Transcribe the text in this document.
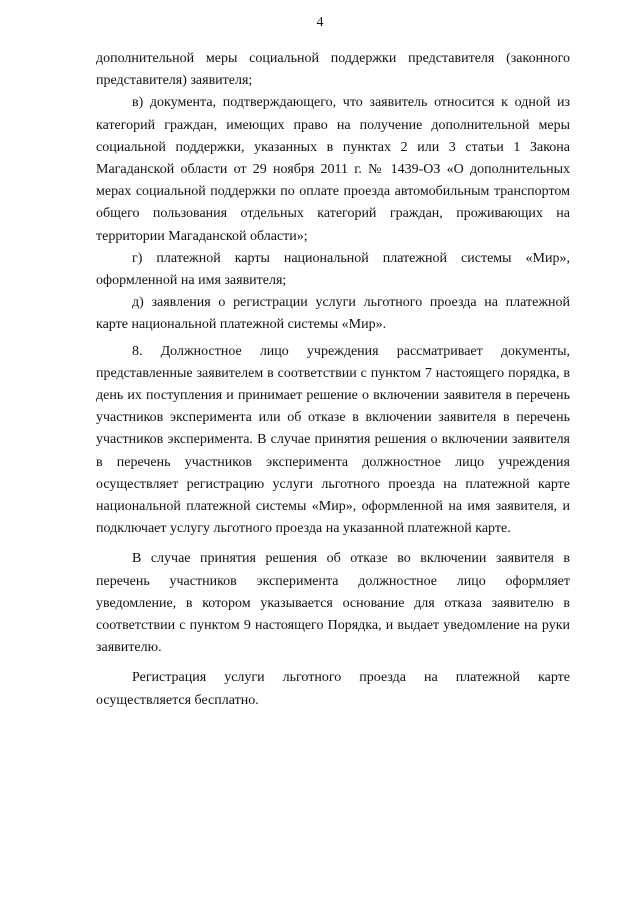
4

дополнительной меры социальной поддержки представителя (законного представителя) заявителя;

в) документа, подтверждающего, что заявитель относится к одной из категорий граждан, имеющих право на получение дополнительной меры социальной поддержки, указанных в пунктах 2 или 3 статьи 1 Закона Магаданской области от 29 ноября 2011 г. № 1439-ОЗ «О дополнительных мерах социальной поддержки по оплате проезда автомобильным транспортом общего пользования отдельных категорий граждан, проживающих на территории Магаданской области»;

г) платежной карты национальной платежной системы «Мир», оформленной на имя заявителя;

д) заявления о регистрации услуги льготного проезда на платежной карте национальной платежной системы «Мир».

8. Должностное лицо учреждения рассматривает документы, представленные заявителем в соответствии с пунктом 7 настоящего порядка, в день их поступления и принимает решение о включении заявителя в перечень участников эксперимента или об отказе в включении заявителя в перечень участников эксперимента. В случае принятия решения о включении заявителя в перечень участников эксперимента должностное лицо учреждения осуществляет регистрацию услуги льготного проезда на платежной карте национальной платежной системы «Мир», оформленной на имя заявителя, и подключает услугу льготного проезда на указанной платежной карте.

В случае принятия решения об отказе во включении заявителя в перечень участников эксперимента должностное лицо оформляет уведомление, в котором указывается основание для отказа заявителю в соответствии с пунктом 9 настоящего Порядка, и выдает уведомление на руки заявителю.

Регистрация услуги льготного проезда на платежной карте осуществляется бесплатно.
